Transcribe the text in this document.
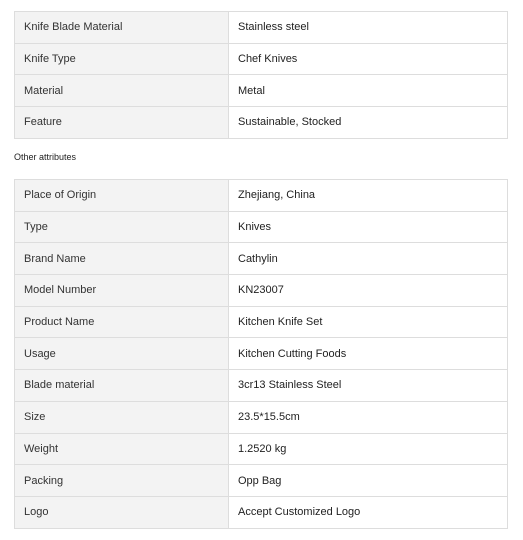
Knife Blade Material	Stainless steel
Knife Type	Chef Knives
Material	Metal
Feature	Sustainable, Stocked
Other attributes
Place of Origin	Zhejiang, China
Type	Knives
Brand Name	Cathylin
Model Number	KN23007
Product Name	Kitchen Knife Set
Usage	Kitchen Cutting Foods
Blade material	3cr13 Stainless Steel
Size	23.5*15.5cm
Weight	1.2520 kg
Packing	Opp Bag
Logo	Accept Customized Logo
